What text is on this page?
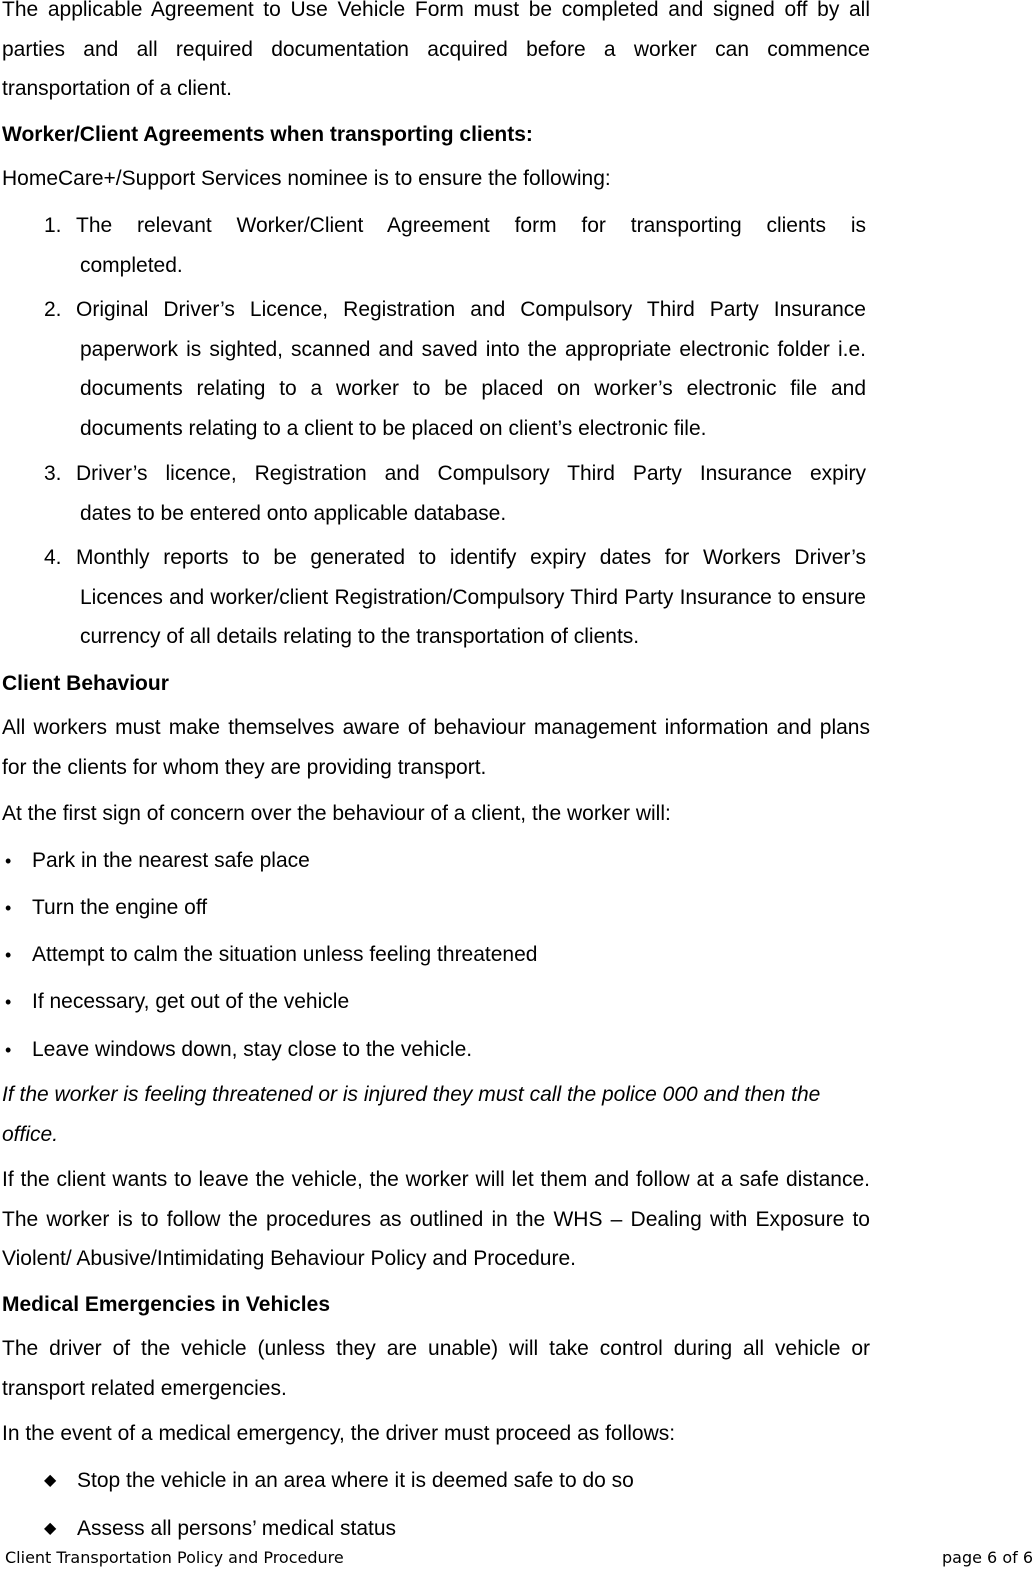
The applicable Agreement to Use Vehicle Form must be completed and signed off by all parties and all required documentation acquired before a worker can commence transportation of a client.

Worker/Client Agreements when transporting clients:
HomeCare+/Support Services nominee is to ensure the following:
1. The relevant Worker/Client Agreement form for transporting clients is
completed.
2. Original Driver’s Licence, Registration and Compulsory Third Party Insurance
paperwork is sighted, scanned and saved into the appropriate electronic folder i.e. documents relating to a worker to be placed on worker’s electronic file and documents relating to a client to be placed on client’s electronic file.
3. Driver’s licence, Registration and Compulsory Third Party Insurance expiry
dates to be entered onto applicable database.
4. Monthly reports to be generated to identify expiry dates for Workers Driver’s
Licences and worker/client Registration/Compulsory Third Party Insurance to ensure currency of all details relating to the transportation of clients.
Client Behaviour

All workers must make themselves aware of behaviour management information and plans for the clients for whom they are providing transport.

At the first sign of concern over the behaviour of a client, the worker will:

• Park in the nearest safe place
• Turn the engine off
• Attempt to calm the situation unless feeling threatened
• If necessary, get out of the vehicle
• Leave windows down, stay close to the vehicle.

If the worker is feeling threatened or is injured they must call the police 000 and then the office.

If the client wants to leave the vehicle, the worker will let them and follow at a safe distance. The worker is to follow the procedures as outlined in the WHS – Dealing with Exposure to Violent/ Abusive/Intimidating Behaviour Policy and Procedure.

Medical Emergencies in Vehicles

The driver of the vehicle (unless they are unable) will take control during all vehicle or transport related emergencies.

In the event of a medical emergency, the driver must proceed as follows:

◆ Stop the vehicle in an area where it is deemed safe to do so
◆ Assess all persons’ medical status
Client Transportation Policy and Procedure	page 6 of 6
